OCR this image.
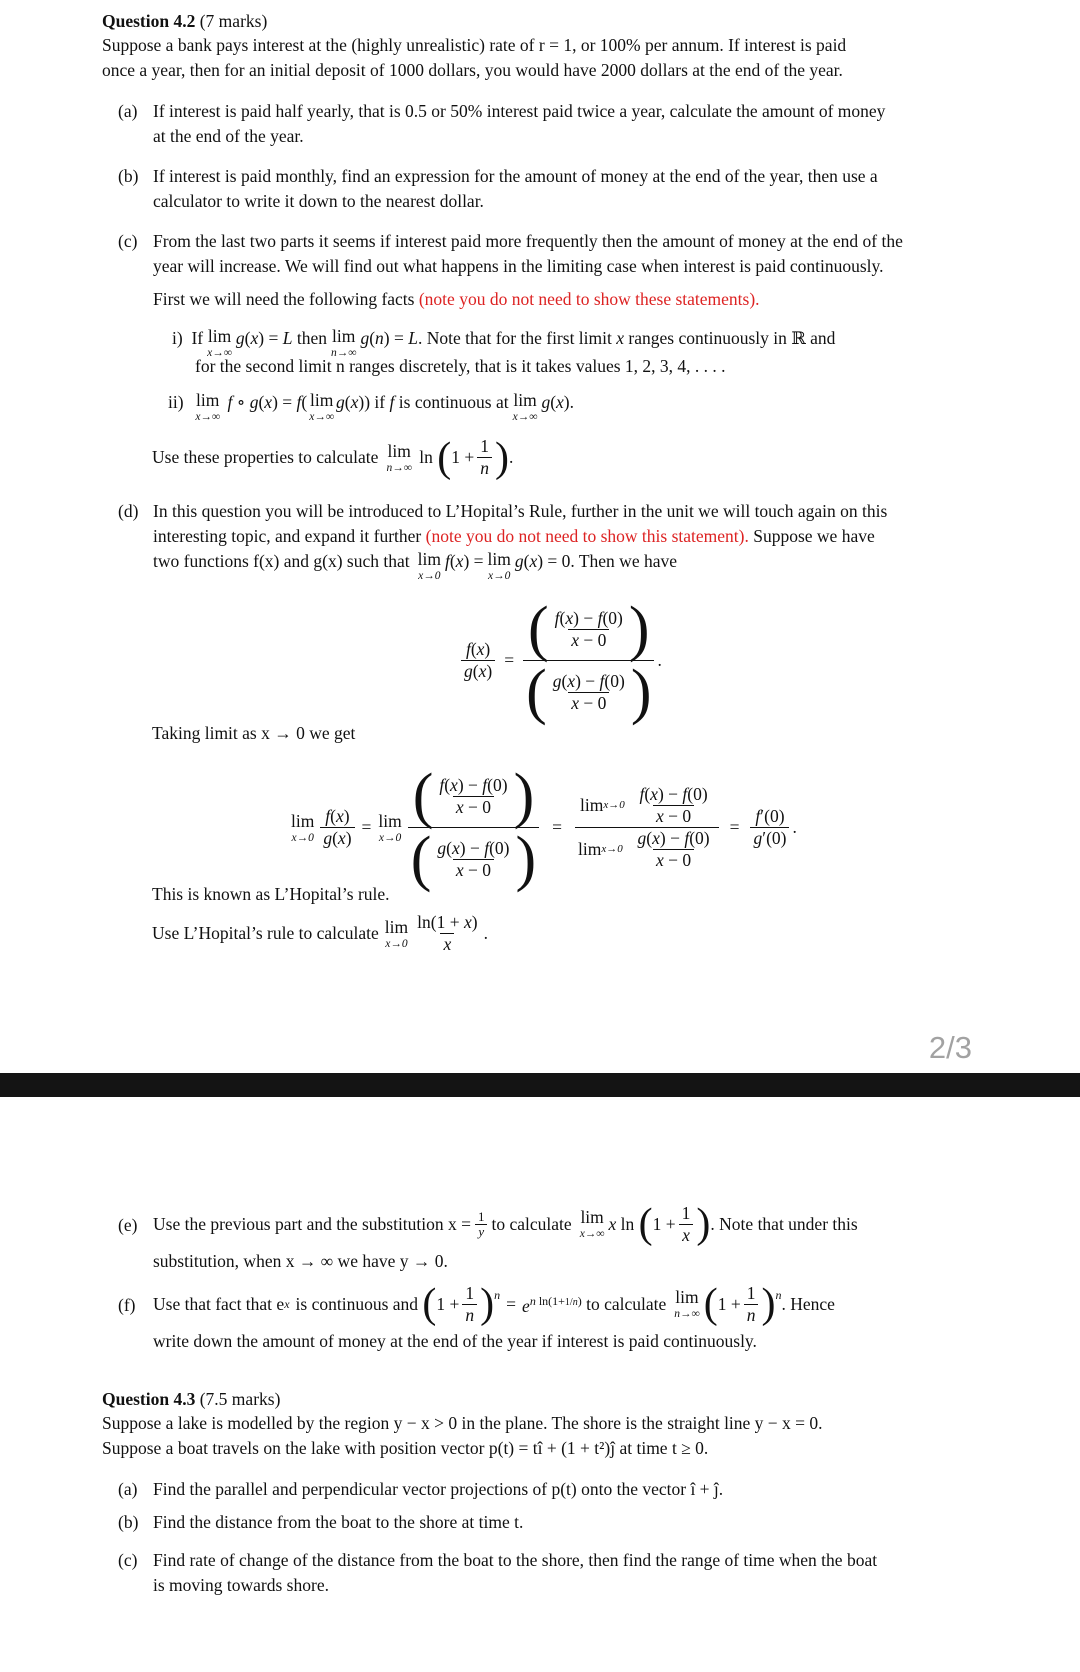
Question 4.2 (7 marks)
Suppose a bank pays interest at the (highly unrealistic) rate of r = 1, or 100% per annum. If interest is paid
once a year, then for an initial deposit of 1000 dollars, you would have 2000 dollars at the end of the year.
(a) If interest is paid half yearly, that is 0.5 or 50% interest paid twice a year, calculate the amount of money
at the end of the year.
(b) If interest is paid monthly, find an expression for the amount of money at the end of the year, then use a
calculator to write it down to the nearest dollar.
(c) From the last two parts it seems if interest paid more frequently then the amount of money at the end of the
year will increase. We will find out what happens in the limiting case when interest is paid continuously.
First we will need the following facts (note you do not need to show these statements).
i) If lim
x→∞
g ( x ) = L then lim
n→∞
g ( n ) = L . Note that for the first limit x ranges continuously in ℝ and
for the second limit n ranges discretely, that is it takes values 1, 2, 3, 4, . . . .
ii)
lim
x→∞

f ∘ g ( x ) = f ( lim
x→∞
g ( x )) if f is continuous at lim
x→∞
g ( x ).
Use these properties to calculate lim
n→∞
ln ( $1 + \frac{1}{n}$ ) .
(d) In this question you will be introduced to L’Hopital’s Rule, further in the unit we will touch again on this
interesting topic, and expand it further (note you do not need to show this statement). Suppose we have
two functions f(x) and g(x) such that lim
x→0
f ( x ) = lim
x→0
g ( x ) = 0. Then we have
$\frac{f(x)}{g(x)} = \frac{( \frac{f(x) - f(0)}{x - 0} )}{( \frac{g(x) - f(0)}{x - 0} )}$ .
Taking limit as x → 0 we get
lim
$x\to 0 \frac{f(x)}{g(x)} = \lim$
$x\to 0 \frac{( \frac{f(x) - f(0)}{x - 0} )}{( \frac{g(x) - f(0)}{x - 0} )} = \lim x\to 0$
$\frac{f(x) - f(0)}{x - 0}$
lim x→0
$\frac{g(x) - f(0)}{x - 0} = \frac{f'(0)}{g'(0)}$ .
This is known as L’Hopital’s rule.
Use L’Hopital’s rule to calculate lim
$x\to 0 \frac{\ln(1 + x)}{x}$ .
2/3
(e) Use the previous part and the substitution $x = \frac{1}{y}$ to calculate lim
x→∞
x ln ( $1 + \frac{1}{x}$ ) . Note that under this
substitution, when x → ∞ we have y → 0.
(f) Use that fact that e x is continuous and
( $1 + \frac{1}{n} )^n = e^{n ln(1+1/n)}$
to calculate lim
n→∞ ( $1 + \frac{1}{n} )^n$ . Hence
write down the amount of money at the end of the year if interest is paid continuously.
Question 4.3 (7.5 marks)
Suppose a lake is modelled by the region y − x > 0 in the plane. The shore is the straight line y − x = 0.
Suppose a boat travels on the lake with position vector p(t) = tî + (1 + t²)ĵ at time t ≥ 0.
(a) Find the parallel and perpendicular vector projections of p(t) onto the vector î + ĵ.
(b) Find the distance from the boat to the shore at time t.
(c) Find rate of change of the distance from the boat to the shore, then find the range of time when the boat
is moving towards shore.
